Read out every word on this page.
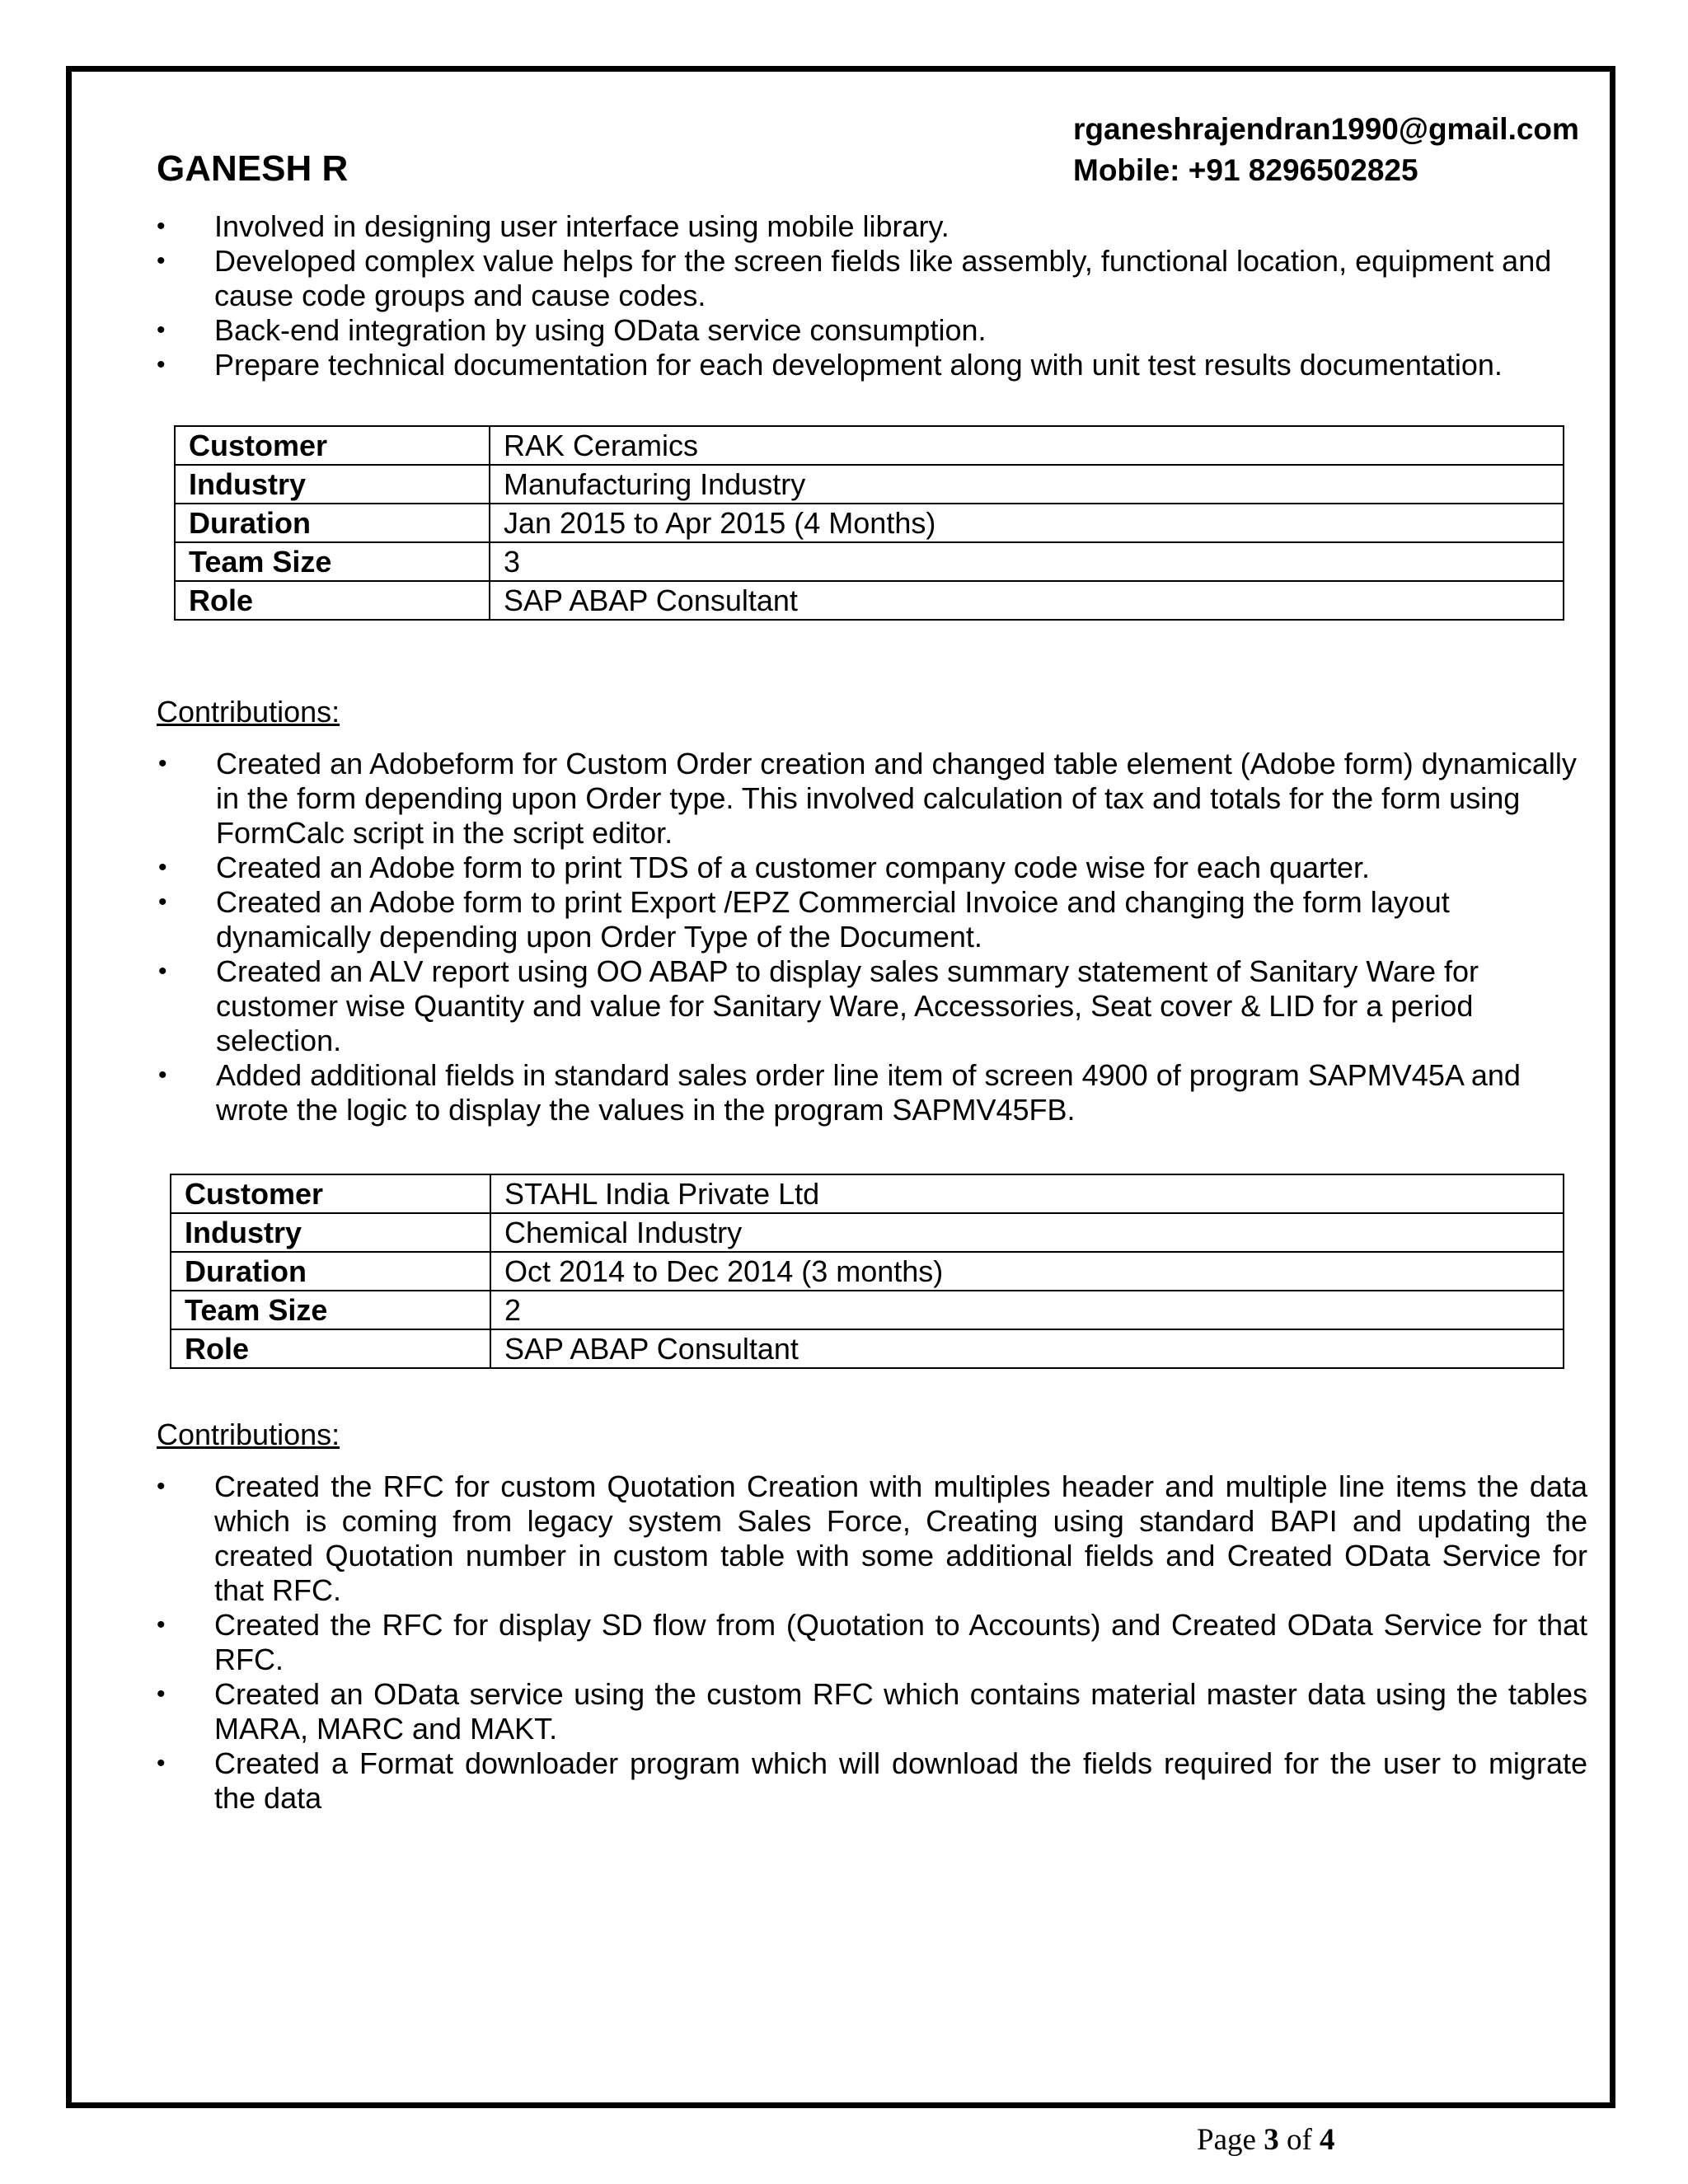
rganeshrajendran1990@gmail.com
GANESH R	Mobile: +91 8296502825
• Involved in designing user interface using mobile library.
• Developed complex value helps for the screen fields like assembly, functional location, equipment and cause code groups and cause codes.
• Back-end integration by using OData service consumption.
• Prepare technical documentation for each development along with unit test results documentation.
Customer	RAK Ceramics
Industry	Manufacturing Industry
Duration	Jan 2015 to Apr 2015 (4 Months)
Team Size	3
Role	SAP ABAP Consultant
Contributions:
• Created an Adobeform for Custom Order creation and changed table element (Adobe form) dynamically in the form depending upon Order type. This involved calculation of tax and totals for the form using FormCalc script in the script editor.
• Created an Adobe form to print TDS of a customer company code wise for each quarter.
• Created an Adobe form to print Export /EPZ Commercial Invoice and changing the form layout dynamically depending upon Order Type of the Document.
• Created an ALV report using OO ABAP to display sales summary statement of Sanitary Ware for customer wise Quantity and value for Sanitary Ware, Accessories, Seat cover & LID for a period selection.
• Added additional fields in standard sales order line item of screen 4900 of program SAPMV45A and wrote the logic to display the values in the program SAPMV45FB.
Customer	STAHL India Private Ltd
Industry	Chemical Industry
Duration	Oct 2014 to Dec 2014 (3 months)
Team Size	2
Role	SAP ABAP Consultant
Contributions:
• Created the RFC for custom Quotation Creation with multiples header and multiple line items the data which is coming from legacy system Sales Force, Creating using standard BAPI and updating the created Quotation number in custom table with some additional fields and Created OData Service for that RFC.
• Created the RFC for display SD flow from (Quotation to Accounts) and Created OData Service for that RFC.
• Created an OData service using the custom RFC which contains material master data using the tables MARA, MARC and MAKT.
• Created a Format downloader program which will download the fields required for the user to migrate the data
Page 3 of 4
